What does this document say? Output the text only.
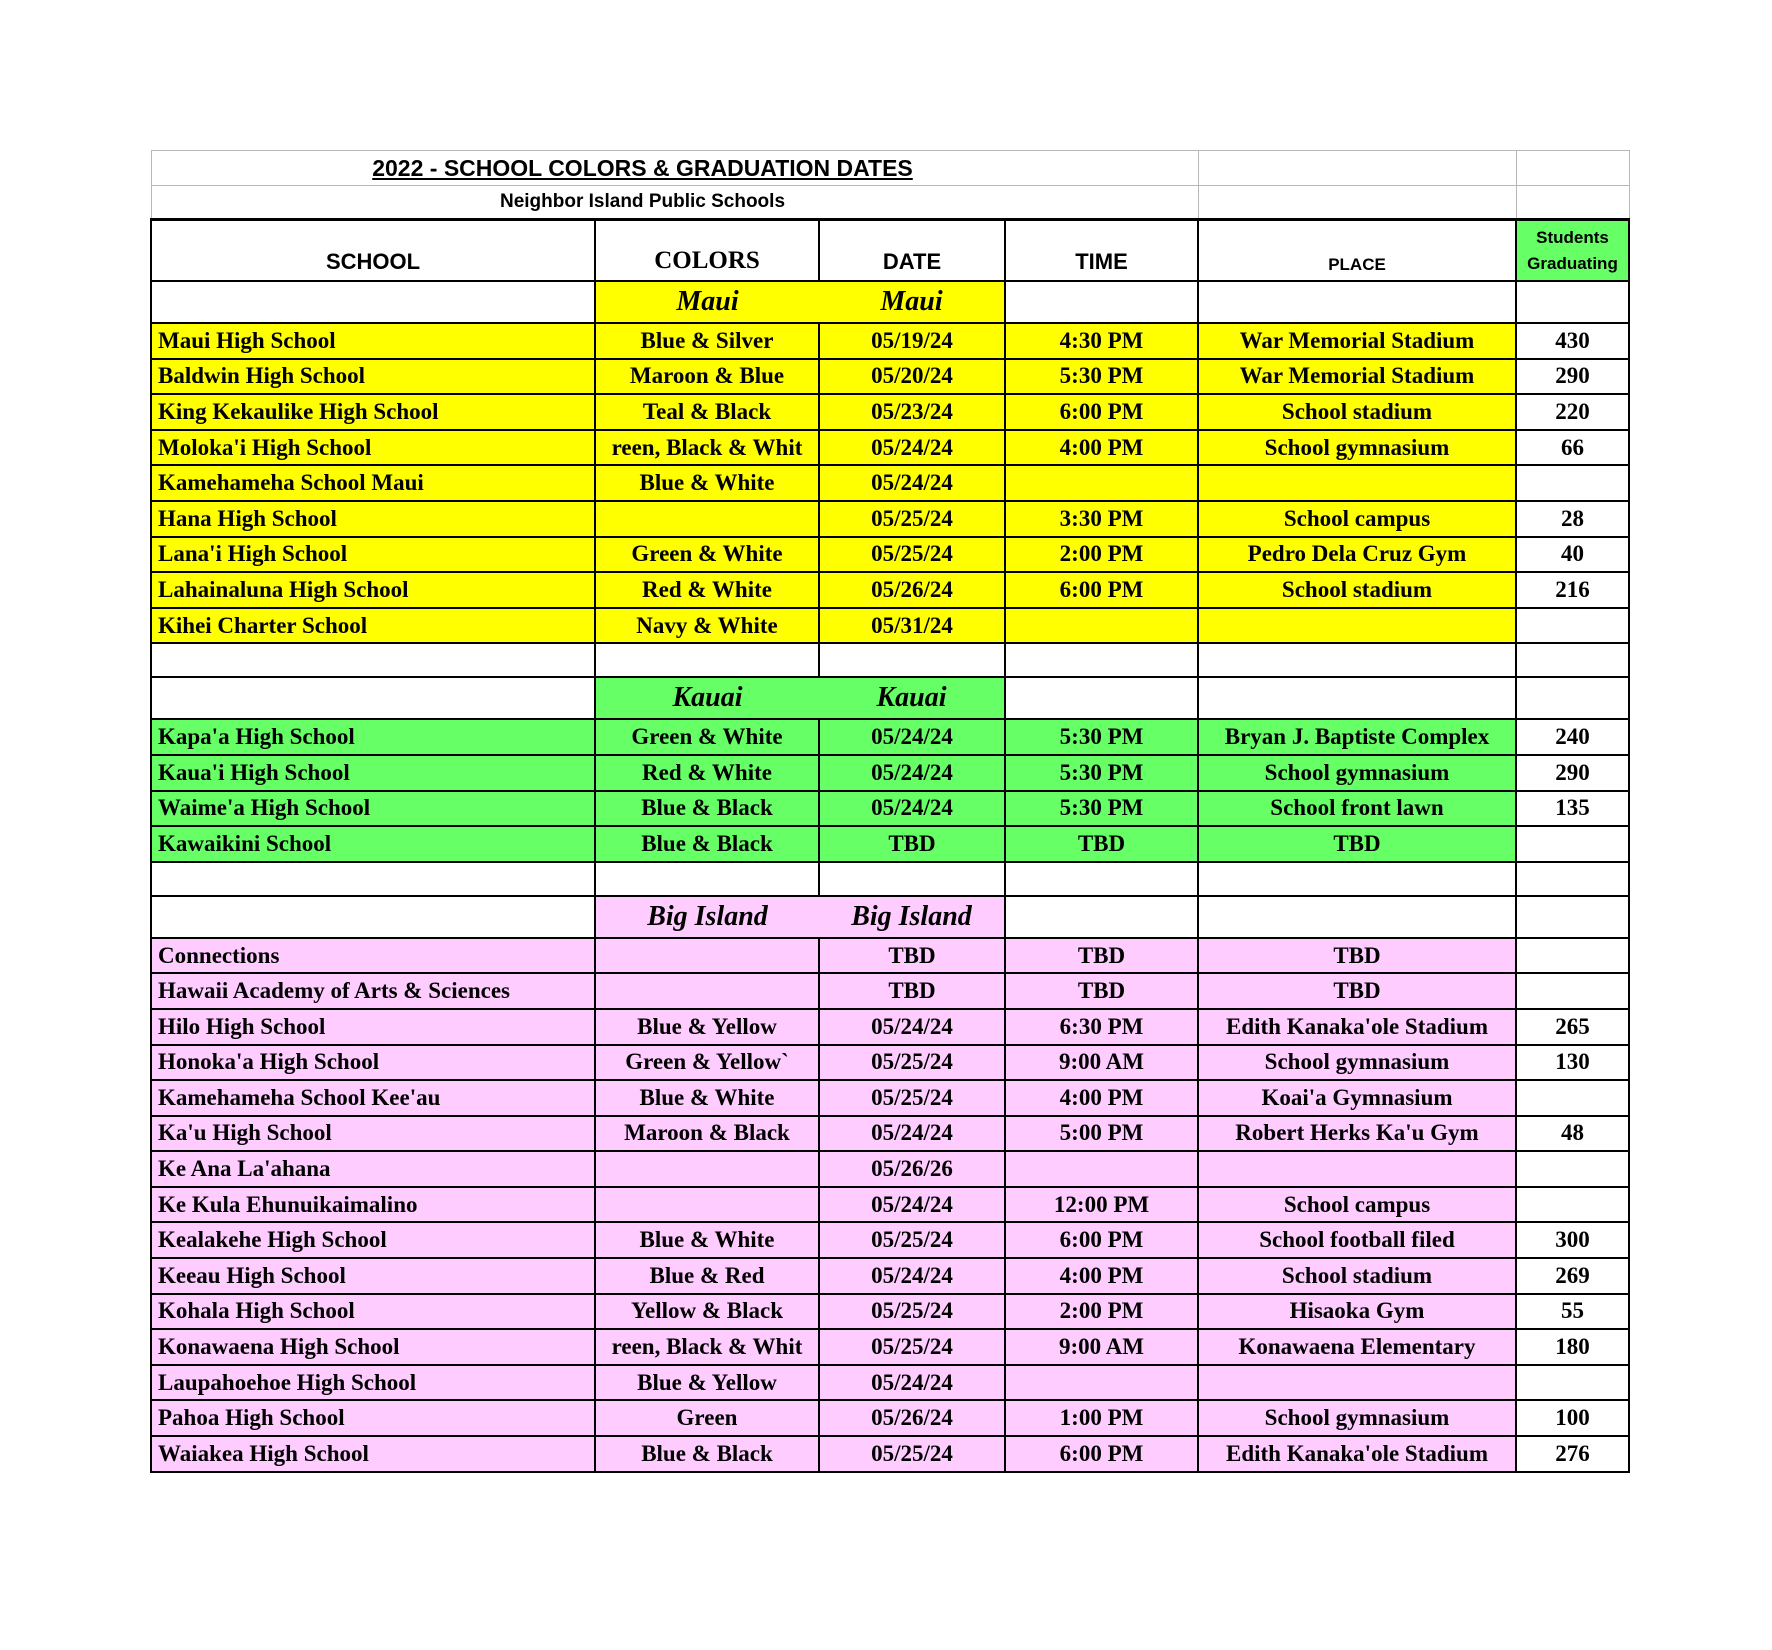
2022 - SCHOOL COLORS & GRADUATION DATES					
Neighbor Island Public Schools					
SCHOOL	COLORS	DATE	TIME	PLACE	Students Graduating
	Maui	Maui			
Maui High School	Blue & Silver	05/19/24	4:30 PM	War Memorial Stadium	430
Baldwin High School	Maroon & Blue	05/20/24	5:30 PM	War Memorial Stadium	290
King Kekaulike High School	Teal & Black	05/23/24	6:00 PM	School stadium	220
Moloka'i High School	reen, Black & Whit	05/24/24	4:00 PM	School gymnasium	66
Kamehameha School Maui	Blue & White	05/24/24			
Hana High School		05/25/24	3:30 PM	School campus	28
Lana'i High School	Green & White	05/25/24	2:00 PM	Pedro Dela Cruz Gym	40
Lahainaluna High School	Red & White	05/26/24	6:00 PM	School stadium	216
Kihei Charter School	Navy & White	05/31/24			

	Kauai	Kauai			
Kapa'a High School	Green & White	05/24/24	5:30 PM	Bryan J. Baptiste Complex	240
Kaua'i High School	Red & White	05/24/24	5:30 PM	School gymnasium	290
Waime'a High School	Blue & Black	05/24/24	5:30 PM	School front lawn	135
Kawaikini School	Blue & Black	TBD	TBD	TBD	

	Big Island	Big Island			
Connections		TBD	TBD	TBD	
Hawaii Academy of Arts & Sciences		TBD	TBD	TBD	
Hilo High School	Blue & Yellow	05/24/24	6:30 PM	Edith Kanaka'ole Stadium	265
Honoka'a High School	Green & Yellow`	05/25/24	9:00 AM	School gymnasium	130
Kamehameha School Kee'au	Blue & White	05/25/24	4:00 PM	Koai'a Gymnasium	
Ka'u High School	Maroon & Black	05/24/24	5:00 PM	Robert Herks Ka'u Gym	48
Ke Ana La'ahana		05/26/26			
Ke Kula Ehunuikaimalino		05/24/24	12:00 PM	School campus	
Kealakehe High School	Blue & White	05/25/24	6:00 PM	School football filed	300
Keeau High School	Blue & Red	05/24/24	4:00 PM	School stadium	269
Kohala High School	Yellow & Black	05/25/24	2:00 PM	Hisaoka Gym	55
Konawaena High School	reen, Black & Whit	05/25/24	9:00 AM	Konawaena Elementary	180
Laupahoehoe High School	Blue & Yellow	05/24/24			
Pahoa High School	Green	05/26/24	1:00 PM	School gymnasium	100
Waiakea High School	Blue & Black	05/25/24	6:00 PM	Edith Kanaka'ole Stadium	276
